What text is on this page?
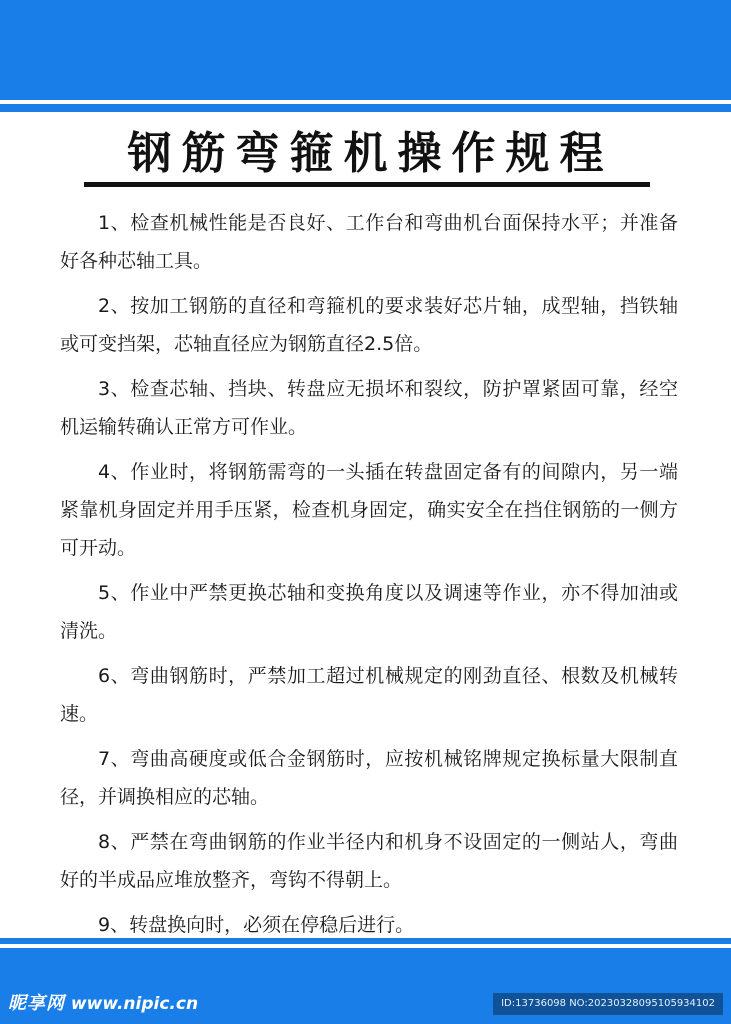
钢筋弯箍机操作规程

1、检查机械性能是否良好、工作台和弯曲机台面保持水平；并准备好各种芯轴工具。

2、按加工钢筋的直径和弯箍机的要求装好芯片轴，成型轴，挡铁轴或可变挡架，芯轴直径应为钢筋直径2.5倍。

3、检查芯轴、挡块、转盘应无损坏和裂纹，防护罩紧固可靠，经空机运输转确认正常方可作业。

4、作业时，将钢筋需弯的一头插在转盘固定备有的间隙内，另一端紧靠机身固定并用手压紧，检查机身固定，确实安全在挡住钢筋的一侧方可开动。

5、作业中严禁更换芯轴和变换角度以及调速等作业，亦不得加油或清洗。

6、弯曲钢筋时，严禁加工超过机械规定的刚劲直径、根数及机械转速。

7、弯曲高硬度或低合金钢筋时，应按机械铭牌规定换标量大限制直径，并调换相应的芯轴。

8、严禁在弯曲钢筋的作业半径内和机身不设固定的一侧站人，弯曲好的半成品应堆放整齐，弯钩不得朝上。

9、转盘换向时，必须在停稳后进行。

昵享网 www.nipic.cn	ID:13736098 NO:20230328095105934102
